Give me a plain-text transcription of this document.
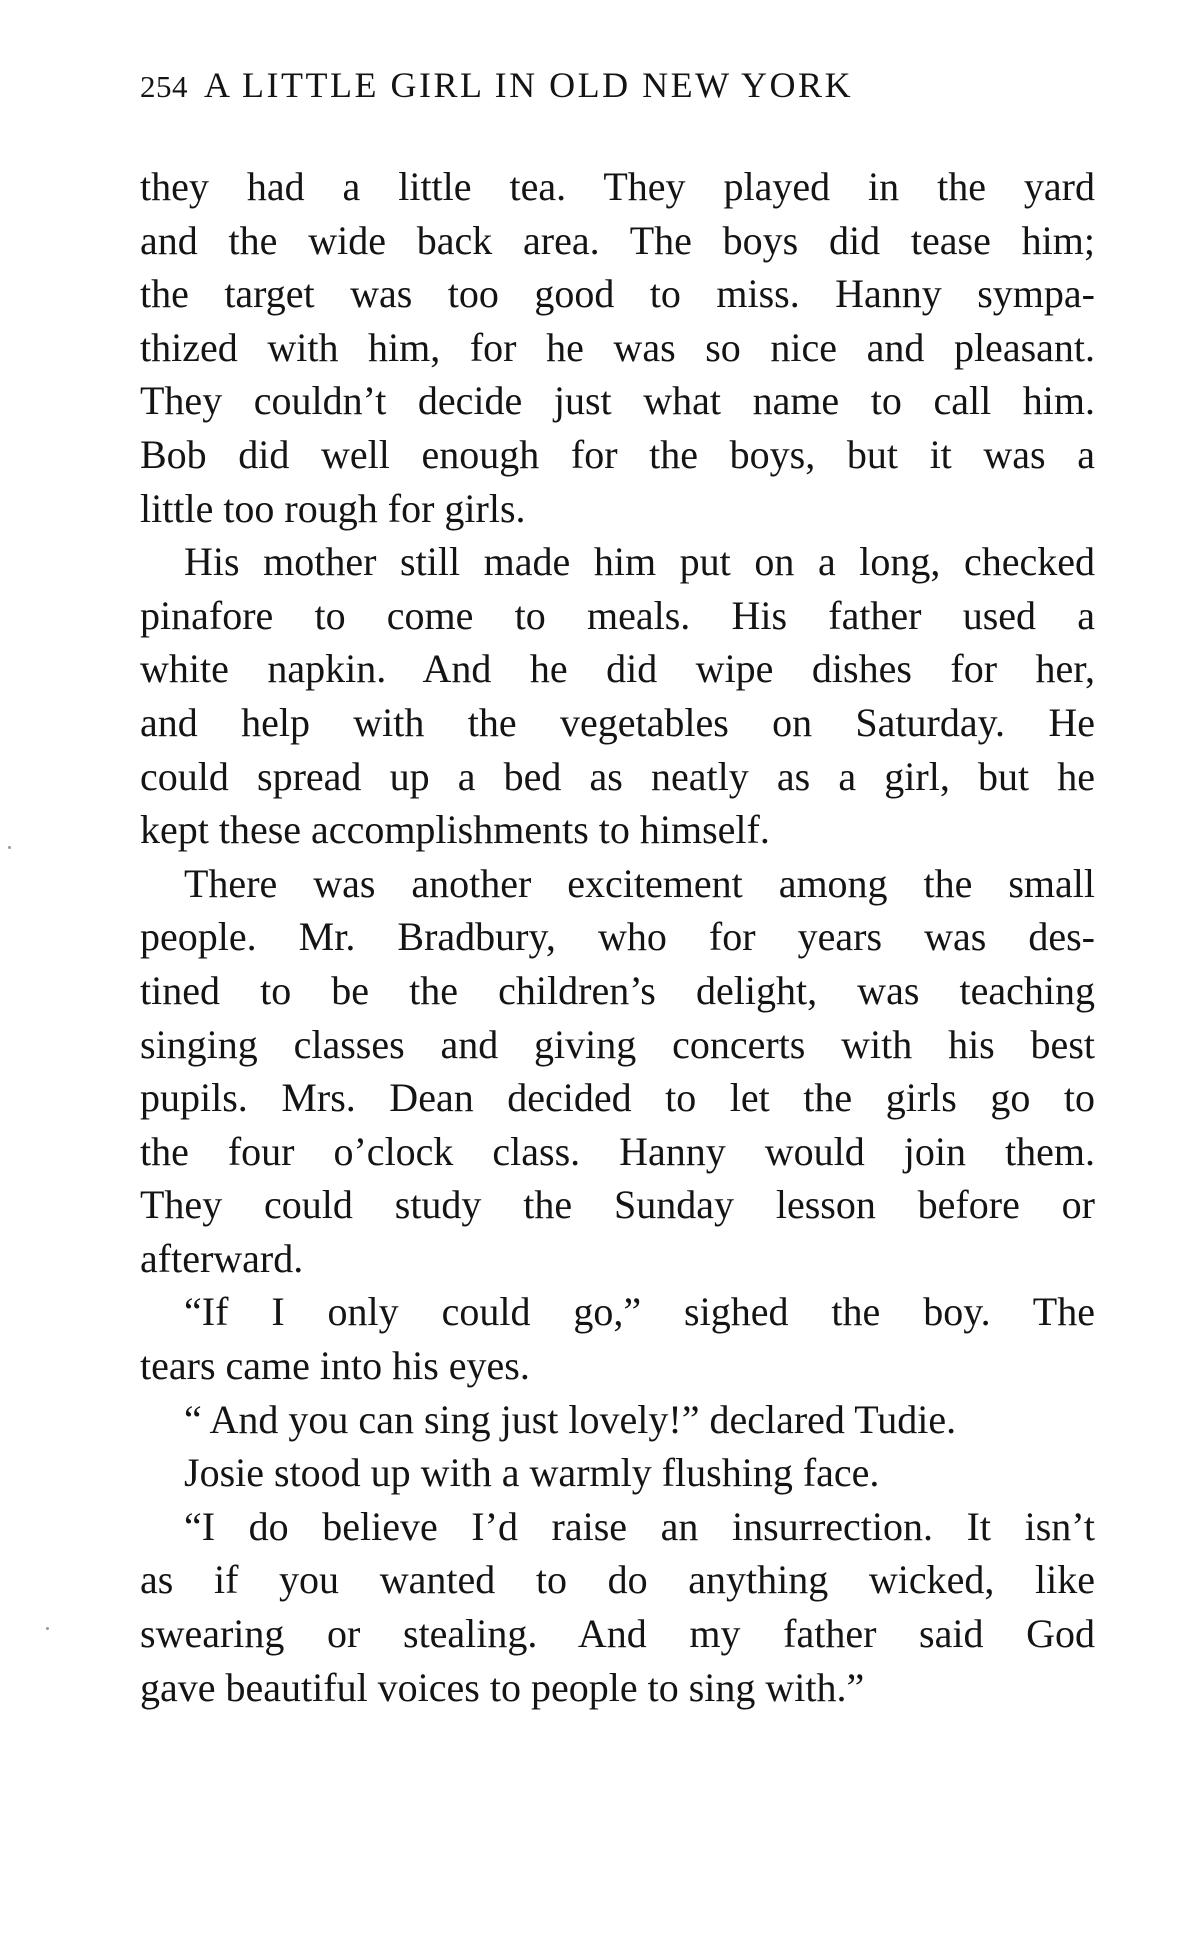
254 A LITTLE GIRL IN OLD NEW YORK
they had a little tea. They played in the yard
and the wide back area. The boys did tease him;
the target was too good to miss. Hanny sympa-
thized with him, for he was so nice and pleasant.
They couldn’t decide just what name to call him.
Bob did well enough for the boys, but it was a
little too rough for girls.
His mother still made him put on a long, checked
pinafore to come to meals. His father used a
white napkin. And he did wipe dishes for her,
and help with the vegetables on Saturday. He
could spread up a bed as neatly as a girl, but he
kept these accomplishments to himself.
There was another excitement among the small
people. Mr. Bradbury, who for years was des-
tined to be the children’s delight, was teaching
singing classes and giving concerts with his best
pupils. Mrs. Dean decided to let the girls go to
the four o’clock class. Hanny would join them.
They could study the Sunday lesson before or
afterward.
“If I only could go,” sighed the boy. The
tears came into his eyes.
“ And you can sing just lovely!” declared Tudie.
Josie stood up with a warmly flushing face.
“I do believe I’d raise an insurrection. It isn’t
as if you wanted to do anything wicked, like
swearing or stealing. And my father said God
gave beautiful voices to people to sing with.”
